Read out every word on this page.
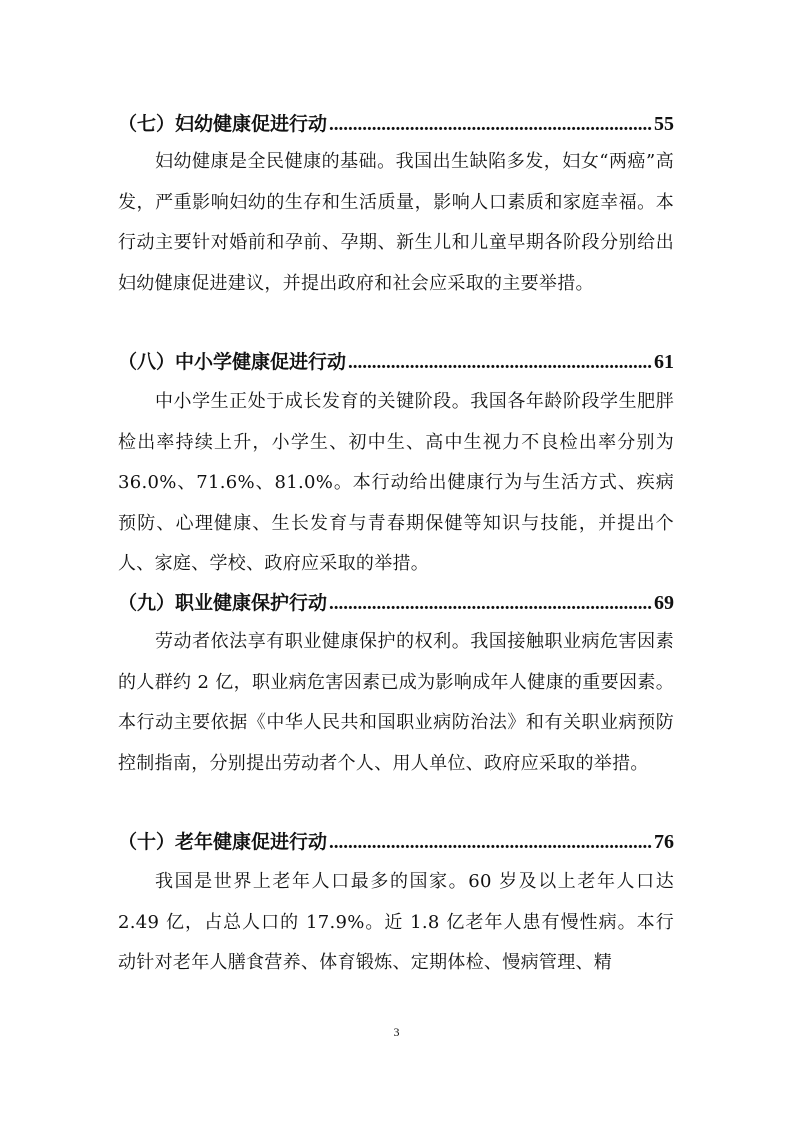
（七）妇幼健康促进行动 .....	55

妇幼健康是全民健康的基础。我国出生缺陷多发，妇女“两癌”高发，严重影响妇幼的生存和生活质量，影响人口素质和家庭幸福。本行动主要针对婚前和孕前、孕期、新生儿和儿童早期各阶段分别给出妇幼健康促进建议，并提出政府和社会应采取的主要举措。

（八）中小学健康促进行动 .....	61

中小学生正处于成长发育的关键阶段。我国各年龄阶段学生肥胖检出率持续上升，小学生、初中生、高中生视力不良检出率分别为 36.0%、71.6%、81.0%。本行动给出健康行为与生活方式、疾病预防、心理健康、生长发育与青春期保健等知识与技能，并提出个人、家庭、学校、政府应采取的举措。

（九）职业健康保护行动 .....	69

劳动者依法享有职业健康保护的权利。我国接触职业病危害因素的人群约 2 亿，职业病危害因素已成为影响成年人健康的重要因素。本行动主要依据《中华人民共和国职业病防治法》和有关职业病预防控制指南，分别提出劳动者个人、用人单位、政府应采取的举措。

（十）老年健康促进行动 .....	76

我国是世界上老年人口最多的国家。60 岁及以上老年人口达 2.49 亿，占总人口的 17.9%。近 1.8 亿老年人患有慢性病。本行动针对老年人膳食营养、体育锻炼、定期体检、慢病管理、精

3
